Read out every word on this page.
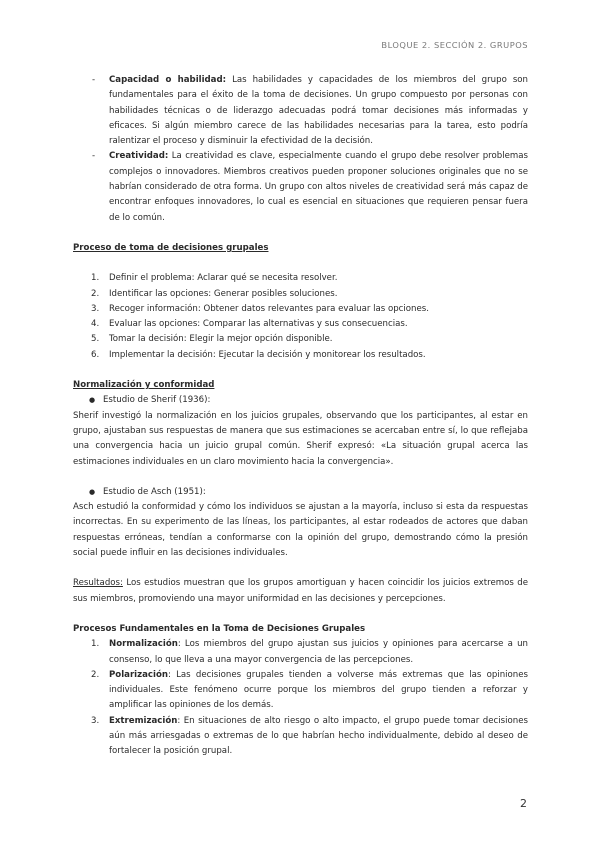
BLOQUE 2. SECCIÓN 2. GRUPOS
- Capacidad o habilidad: Las habilidades y capacidades de los miembros del grupo son fundamentales para el éxito de la toma de decisiones. Un grupo compuesto por personas con habilidades técnicas o de liderazgo adecuadas podrá tomar decisiones más informadas y eficaces. Si algún miembro carece de las habilidades necesarias para la tarea, esto podría ralentizar el proceso y disminuir la efectividad de la decisión.

- Creatividad: La creatividad es clave, especialmente cuando el grupo debe resolver problemas complejos o innovadores. Miembros creativos pueden proponer soluciones originales que no se habrían considerado de otra forma. Un grupo con altos niveles de creatividad será más capaz de encontrar enfoques innovadores, lo cual es esencial en situaciones que requieren pensar fuera de lo común.

Proceso de toma de decisiones grupales

1. Definir el problema: Aclarar qué se necesita resolver.
2. Identificar las opciones: Generar posibles soluciones.
3. Recoger información: Obtener datos relevantes para evaluar las opciones.
4. Evaluar las opciones: Comparar las alternativas y sus consecuencias.
5. Tomar la decisión: Elegir la mejor opción disponible.
6. Implementar la decisión: Ejecutar la decisión y monitorear los resultados.

Normalización y conformidad

● Estudio de Sherif (1936):

Sherif investigó la normalización en los juicios grupales, observando que los participantes, al estar en grupo, ajustaban sus respuestas de manera que sus estimaciones se acercaban entre sí, lo que reflejaba una convergencia hacia un juicio grupal común. Sherif expresó: «La situación grupal acerca las estimaciones individuales en un claro movimiento hacia la convergencia».

● Estudio de Asch (1951):

Asch estudió la conformidad y cómo los individuos se ajustan a la mayoría, incluso si esta da respuestas incorrectas. En su experimento de las líneas, los participantes, al estar rodeados de actores que daban respuestas erróneas, tendían a conformarse con la opinión del grupo, demostrando cómo la presión social puede influir en las decisiones individuales.

Resultados: Los estudios muestran que los grupos amortiguan y hacen coincidir los juicios extremos de sus miembros, promoviendo una mayor uniformidad en las decisiones y percepciones.

Procesos Fundamentales en la Toma de Decisiones Grupales

1. Normalización: Los miembros del grupo ajustan sus juicios y opiniones para acercarse a un consenso, lo que lleva a una mayor convergencia de las percepciones.
2. Polarización: Las decisiones grupales tienden a volverse más extremas que las opiniones individuales. Este fenómeno ocurre porque los miembros del grupo tienden a reforzar y amplificar las opiniones de los demás.
3. Extremización: En situaciones de alto riesgo o alto impacto, el grupo puede tomar decisiones aún más arriesgadas o extremas de lo que habrían hecho individualmente, debido al deseo de fortalecer la posición grupal.
2
